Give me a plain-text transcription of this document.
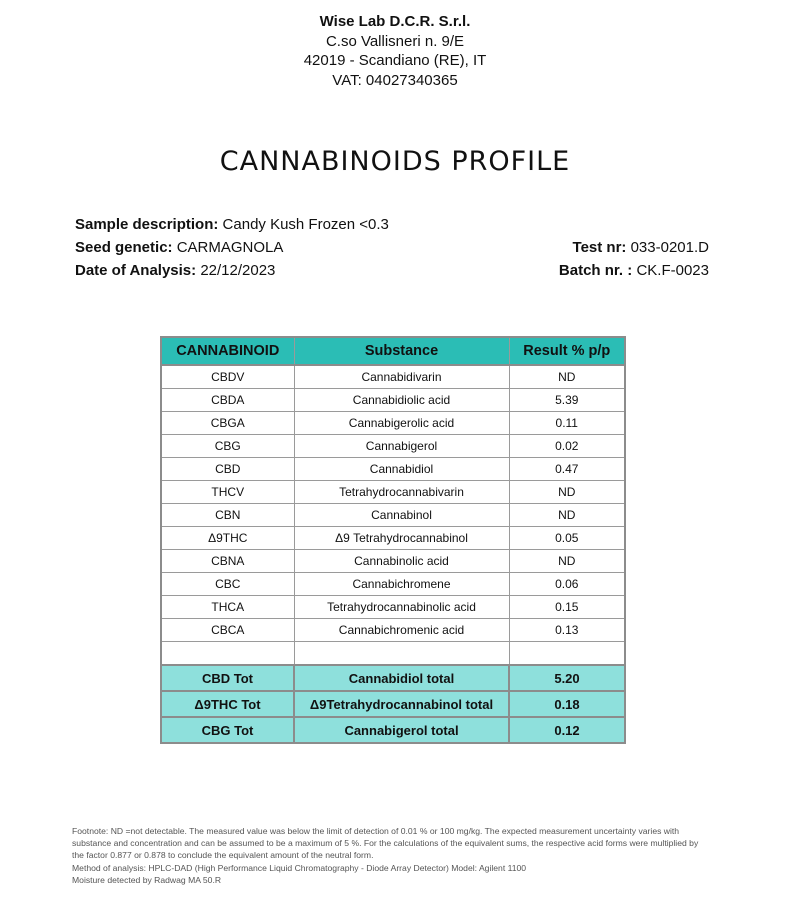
Wise Lab D.C.R. S.r.l.
C.so Vallisneri n. 9/E
42019 - Scandiano (RE), IT
VAT: 04027340365
CANNABINOIDS PROFILE
Sample description: Candy Kush Frozen <0.3
Seed genetic: CARMAGNOLA
Date of Analysis: 22/12/2023
Test nr: 033-0201.D
Batch nr. : CK.F-0023
CANNABINOID	Substance	Result % p/p
CBDV	Cannabidivarin	ND
CBDA	Cannabidiolic acid	5.39
CBGA	Cannabigerolic acid	0.11
CBG	Cannabigerol	0.02
CBD	Cannabidiol	0.47
THCV	Tetrahydrocannabivarin	ND
CBN	Cannabinol	ND
Δ9THC	Δ9 Tetrahydrocannabinol	0.05
CBNA	Cannabinolic acid	ND
CBC	Cannabichromene	0.06
THCA	Tetrahydrocannabinolic acid	0.15
CBCA	Cannabichromenic acid	0.13

CBD Tot	Cannabidiol total	5.20
Δ9THC Tot	Δ9Tetrahydrocannabinol total	0.18
CBG Tot	Cannabigerol total	0.12
Footnote: ND =not detectable. The measured value was below the limit of detection of 0.01 % or 100 mg/kg. The expected measurement uncertainty varies with substance and concentration and can be assumed to be a maximum of 5 %. For the calculations of the equivalent sums, the respective acid forms were multiplied by the factor 0.877 or 0.878 to conclude the equivalent amount of the neutral form.
Method of analysis: HPLC-DAD (High Performance Liquid Chromatography - Diode Array Detector) Model: Agilent 1100
Moisture detected by Radwag MA 50.R
